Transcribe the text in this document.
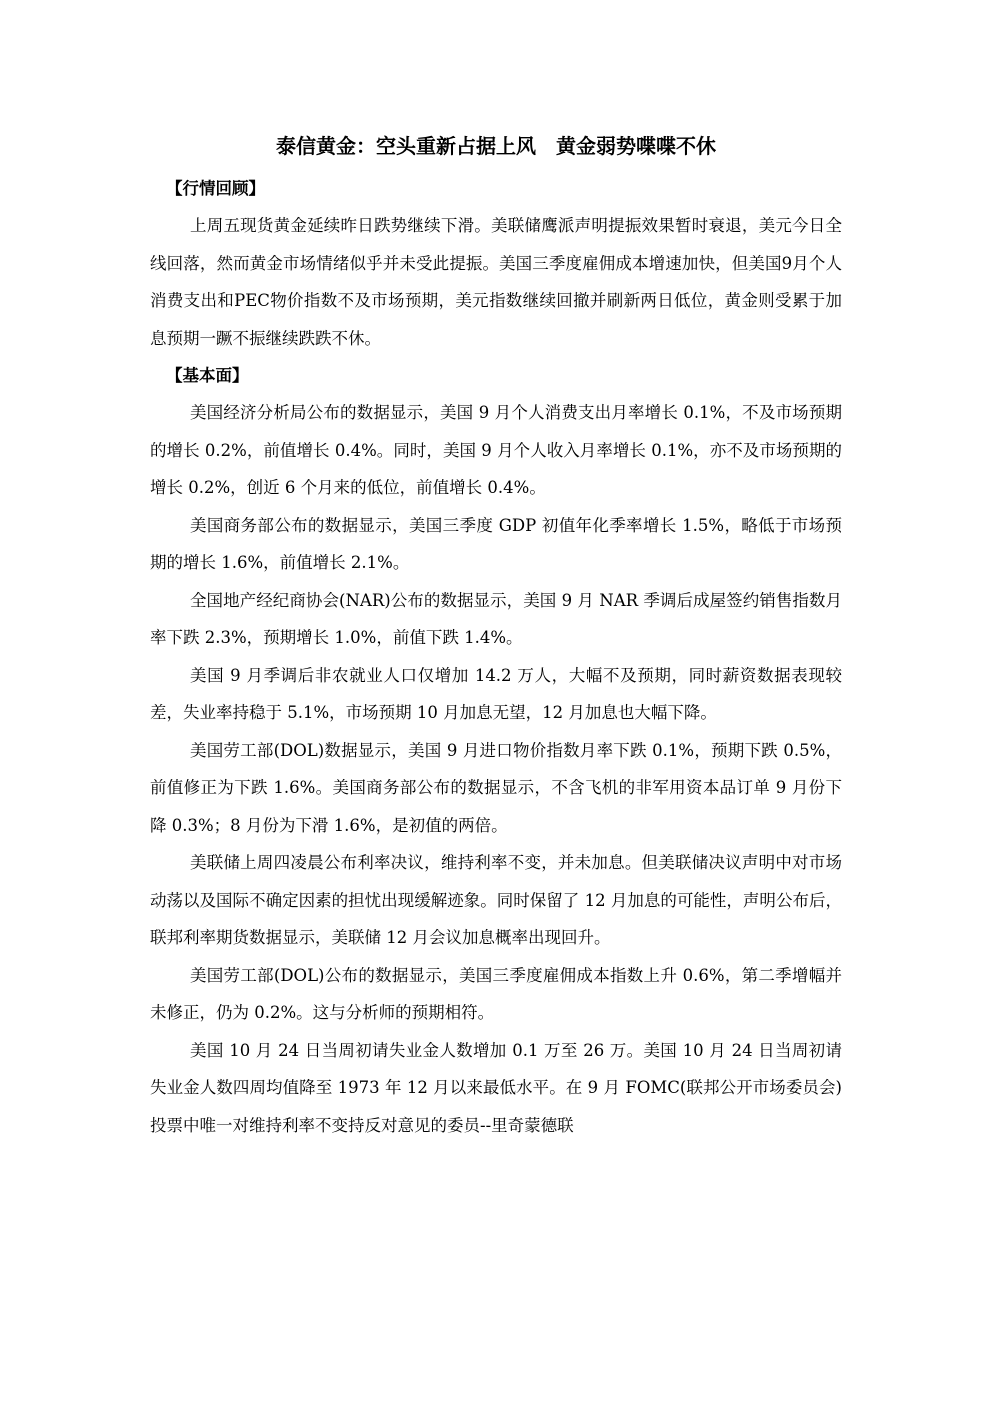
泰信黄金：空头重新占据上风　黄金弱势喋喋不休
【行情回顾】

上周五现货黄金延续昨日跌势继续下滑。美联储鹰派声明提振效果暂时衰退，美元今日全线回落，然而黄金市场情绪似乎并未受此提振。美国三季度雇佣成本增速加快，但美国9月个人消费支出和PEC物价指数不及市场预期，美元指数继续回撤并刷新两日低位，黄金则受累于加息预期一蹶不振继续跌跌不休。

【基本面】

美国经济分析局公布的数据显示，美国 9 月个人消费支出月率增长 0.1%，不及市场预期的增长 0.2%，前值增长 0.4%。同时，美国 9 月个人收入月率增长 0.1%，亦不及市场预期的增长 0.2%，创近 6 个月来的低位，前值增长 0.4%。

美国商务部公布的数据显示，美国三季度 GDP 初值年化季率增长 1.5%，略低于市场预期的增长 1.6%，前值增长 2.1%。

全国地产经纪商协会(NAR)公布的数据显示，美国 9 月 NAR 季调后成屋签约销售指数月率下跌 2.3%，预期增长 1.0%，前值下跌 1.4%。

美国 9 月季调后非农就业人口仅增加 14.2 万人，大幅不及预期，同时薪资数据表现较差，失业率持稳于 5.1%，市场预期 10 月加息无望，12 月加息也大幅下降。

美国劳工部(DOL)数据显示，美国 9 月进口物价指数月率下跌 0.1%，预期下跌 0.5%，前值修正为下跌 1.6%。美国商务部公布的数据显示，不含飞机的非军用资本品订单 9 月份下降 0.3%；8 月份为下滑 1.6%，是初值的两倍。

美联储上周四凌晨公布利率决议，维持利率不变，并未加息。但美联储决议声明中对市场动荡以及国际不确定因素的担忧出现缓解迹象。同时保留了 12 月加息的可能性，声明公布后，联邦利率期货数据显示，美联储 12 月会议加息概率出现回升。

美国劳工部(DOL)公布的数据显示，美国三季度雇佣成本指数上升 0.6%，第二季增幅并未修正，仍为 0.2%。这与分析师的预期相符。

美国 10 月 24 日当周初请失业金人数增加 0.1 万至 26 万。美国 10 月 24 日当周初请失业金人数四周均值降至 1973 年 12 月以来最低水平。在 9 月 FOMC(联邦公开市场委员会)投票中唯一对维持利率不变持反对意见的委员--里奇蒙德联
